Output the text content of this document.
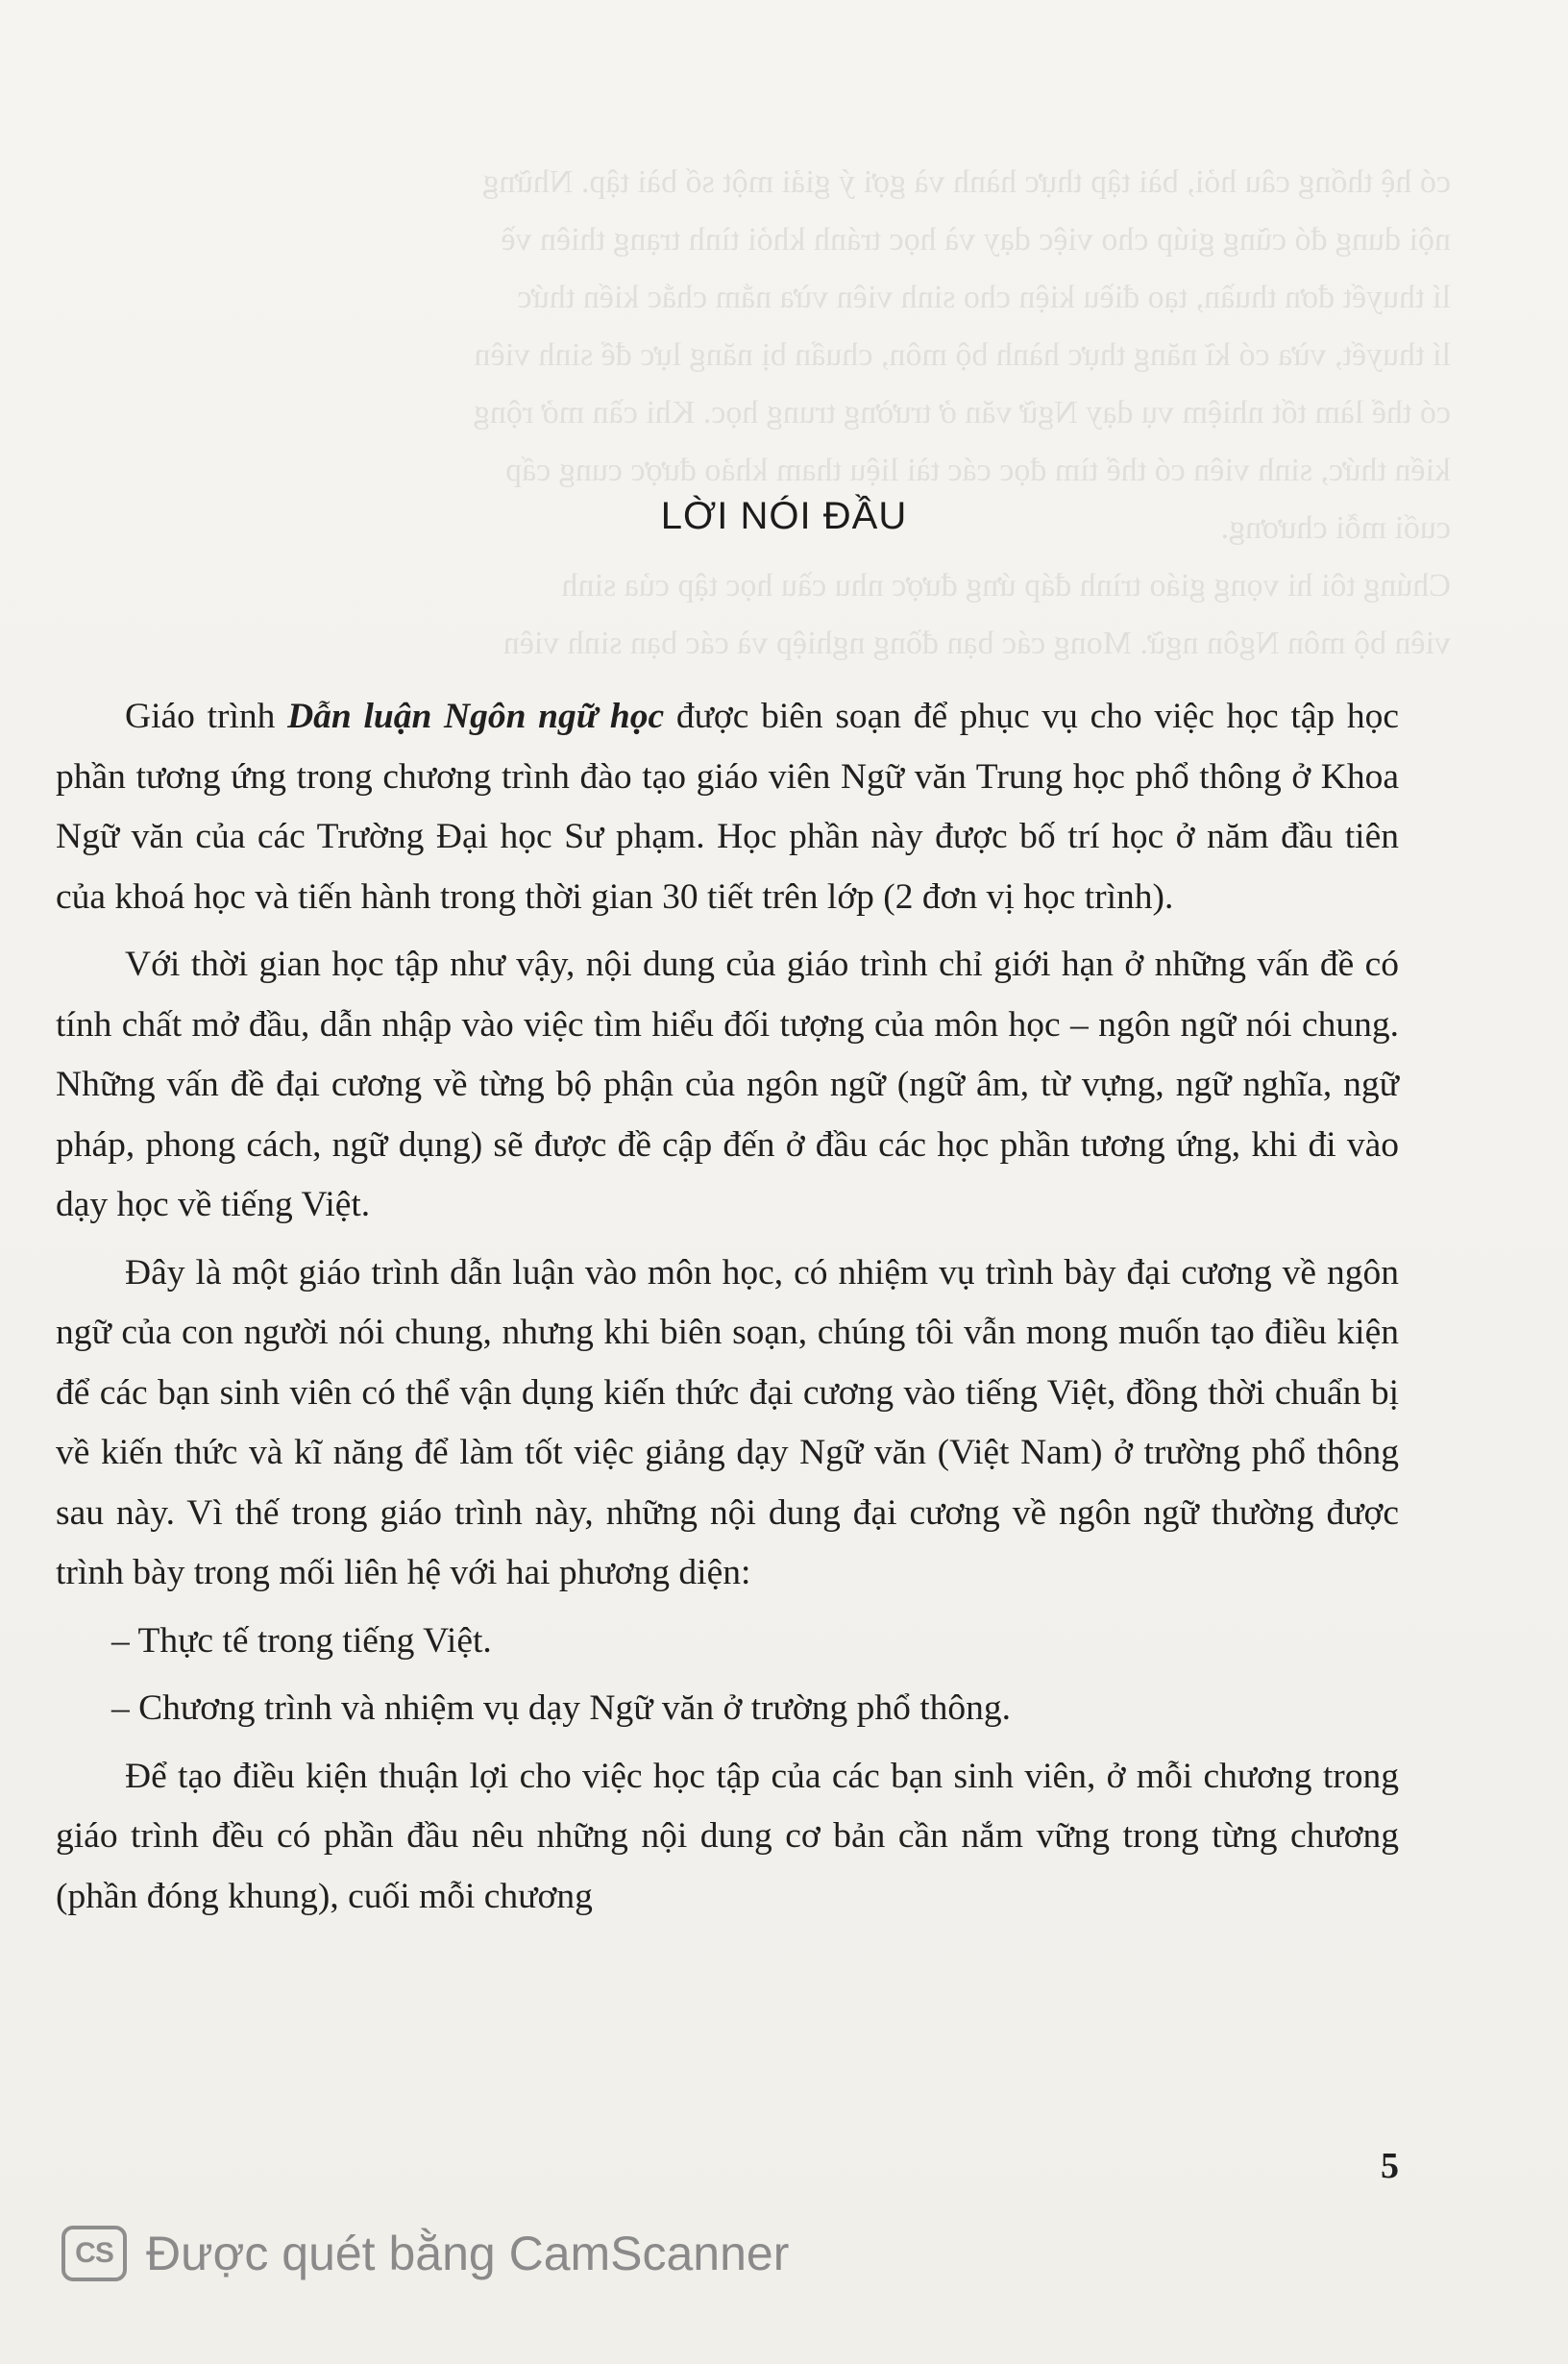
có hệ thống câu hỏi, bài tập thực hành và gợi ý giải một số bài tập. Những
nội dung đó cũng giúp cho việc dạy và học tránh khỏi tình trạng thiên về
lí thuyết đơn thuần, tạo điều kiện cho sinh viên vừa nắm chắc kiến thức
lí thuyết, vừa có kĩ năng thực hành bộ môn, chuẩn bị năng lực để sinh viên
có thể làm tốt nhiệm vụ dạy Ngữ văn ở trường trung học. Khi cần mở rộng
kiến thức, sinh viên có thể tìm đọc các tài liệu tham khảo được cung cấp
cuối mỗi chương.
Chúng tôi hi vọng giáo trình đáp ứng được nhu cầu học tập của sinh
viên bộ môn Ngôn ngữ. Mong các bạn đồng nghiệp và các bạn sinh viên
LỜI NÓI ĐẦU

Giáo trình Dẫn luận Ngôn ngữ học được biên soạn để phục vụ cho việc học tập học phần tương ứng trong chương trình đào tạo giáo viên Ngữ văn Trung học phổ thông ở Khoa Ngữ văn của các Trường Đại học Sư phạm. Học phần này được bố trí học ở năm đầu tiên của khoá học và tiến hành trong thời gian 30 tiết trên lớp (2 đơn vị học trình).

Với thời gian học tập như vậy, nội dung của giáo trình chỉ giới hạn ở những vấn đề có tính chất mở đầu, dẫn nhập vào việc tìm hiểu đối tượng của môn học – ngôn ngữ nói chung. Những vấn đề đại cương về từng bộ phận của ngôn ngữ (ngữ âm, từ vựng, ngữ nghĩa, ngữ pháp, phong cách, ngữ dụng) sẽ được đề cập đến ở đầu các học phần tương ứng, khi đi vào dạy học về tiếng Việt.

Đây là một giáo trình dẫn luận vào môn học, có nhiệm vụ trình bày đại cương về ngôn ngữ của con người nói chung, nhưng khi biên soạn, chúng tôi vẫn mong muốn tạo điều kiện để các bạn sinh viên có thể vận dụng kiến thức đại cương vào tiếng Việt, đồng thời chuẩn bị về kiến thức và kĩ năng để làm tốt việc giảng dạy Ngữ văn (Việt Nam) ở trường phổ thông sau này. Vì thế trong giáo trình này, những nội dung đại cương về ngôn ngữ thường được trình bày trong mối liên hệ với hai phương diện:

– Thực tế trong tiếng Việt.

– Chương trình và nhiệm vụ dạy Ngữ văn ở trường phổ thông.

Để tạo điều kiện thuận lợi cho việc học tập của các bạn sinh viên, ở mỗi chương trong giáo trình đều có phần đầu nêu những nội dung cơ bản cần nắm vững trong từng chương (phần đóng khung), cuối mỗi chương

5
CS Được quét bằng CamScanner
